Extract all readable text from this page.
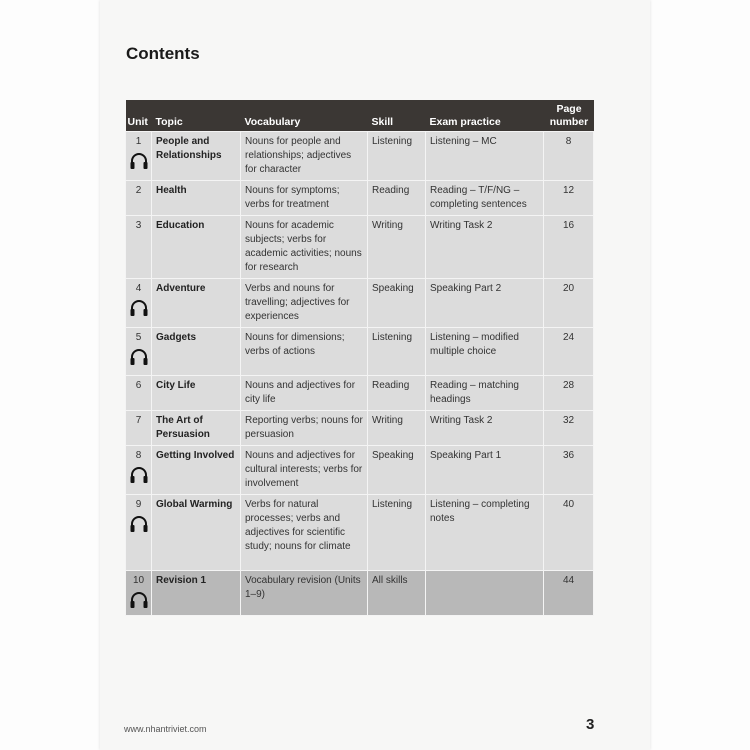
Contents
Unit	Topic	Vocabulary	Skill	Exam practice	Page number
1	People and Relationships	Nouns for people and relationships; adjectives for character	Listening	Listening – MC	8
2	Health	Nouns for symptoms; verbs for treatment	Reading	Reading – T/F/NG – completing sentences	12
3	Education	Nouns for academic subjects; verbs for academic activities; nouns for research	Writing	Writing Task 2	16
4	Adventure	Verbs and nouns for travelling; adjectives for experiences	Speaking	Speaking Part 2	20
5	Gadgets	Nouns for dimensions; verbs of actions	Listening	Listening – modified multiple choice	24
6	City Life	Nouns and adjectives for city life	Reading	Reading – matching headings	28
7	The Art of Persuasion	Reporting verbs; nouns for persuasion	Writing	Writing Task 2	32
8	Getting Involved	Nouns and adjectives for cultural interests; verbs for involvement	Speaking	Speaking Part 1	36
9	Global Warming	Verbs for natural processes; verbs and adjectives for scientific study; nouns for climate	Listening	Listening – completing notes	40
10	Revision 1	Vocabulary revision (Units 1–9)	All skills		44
www.nhantriviet.com	3
